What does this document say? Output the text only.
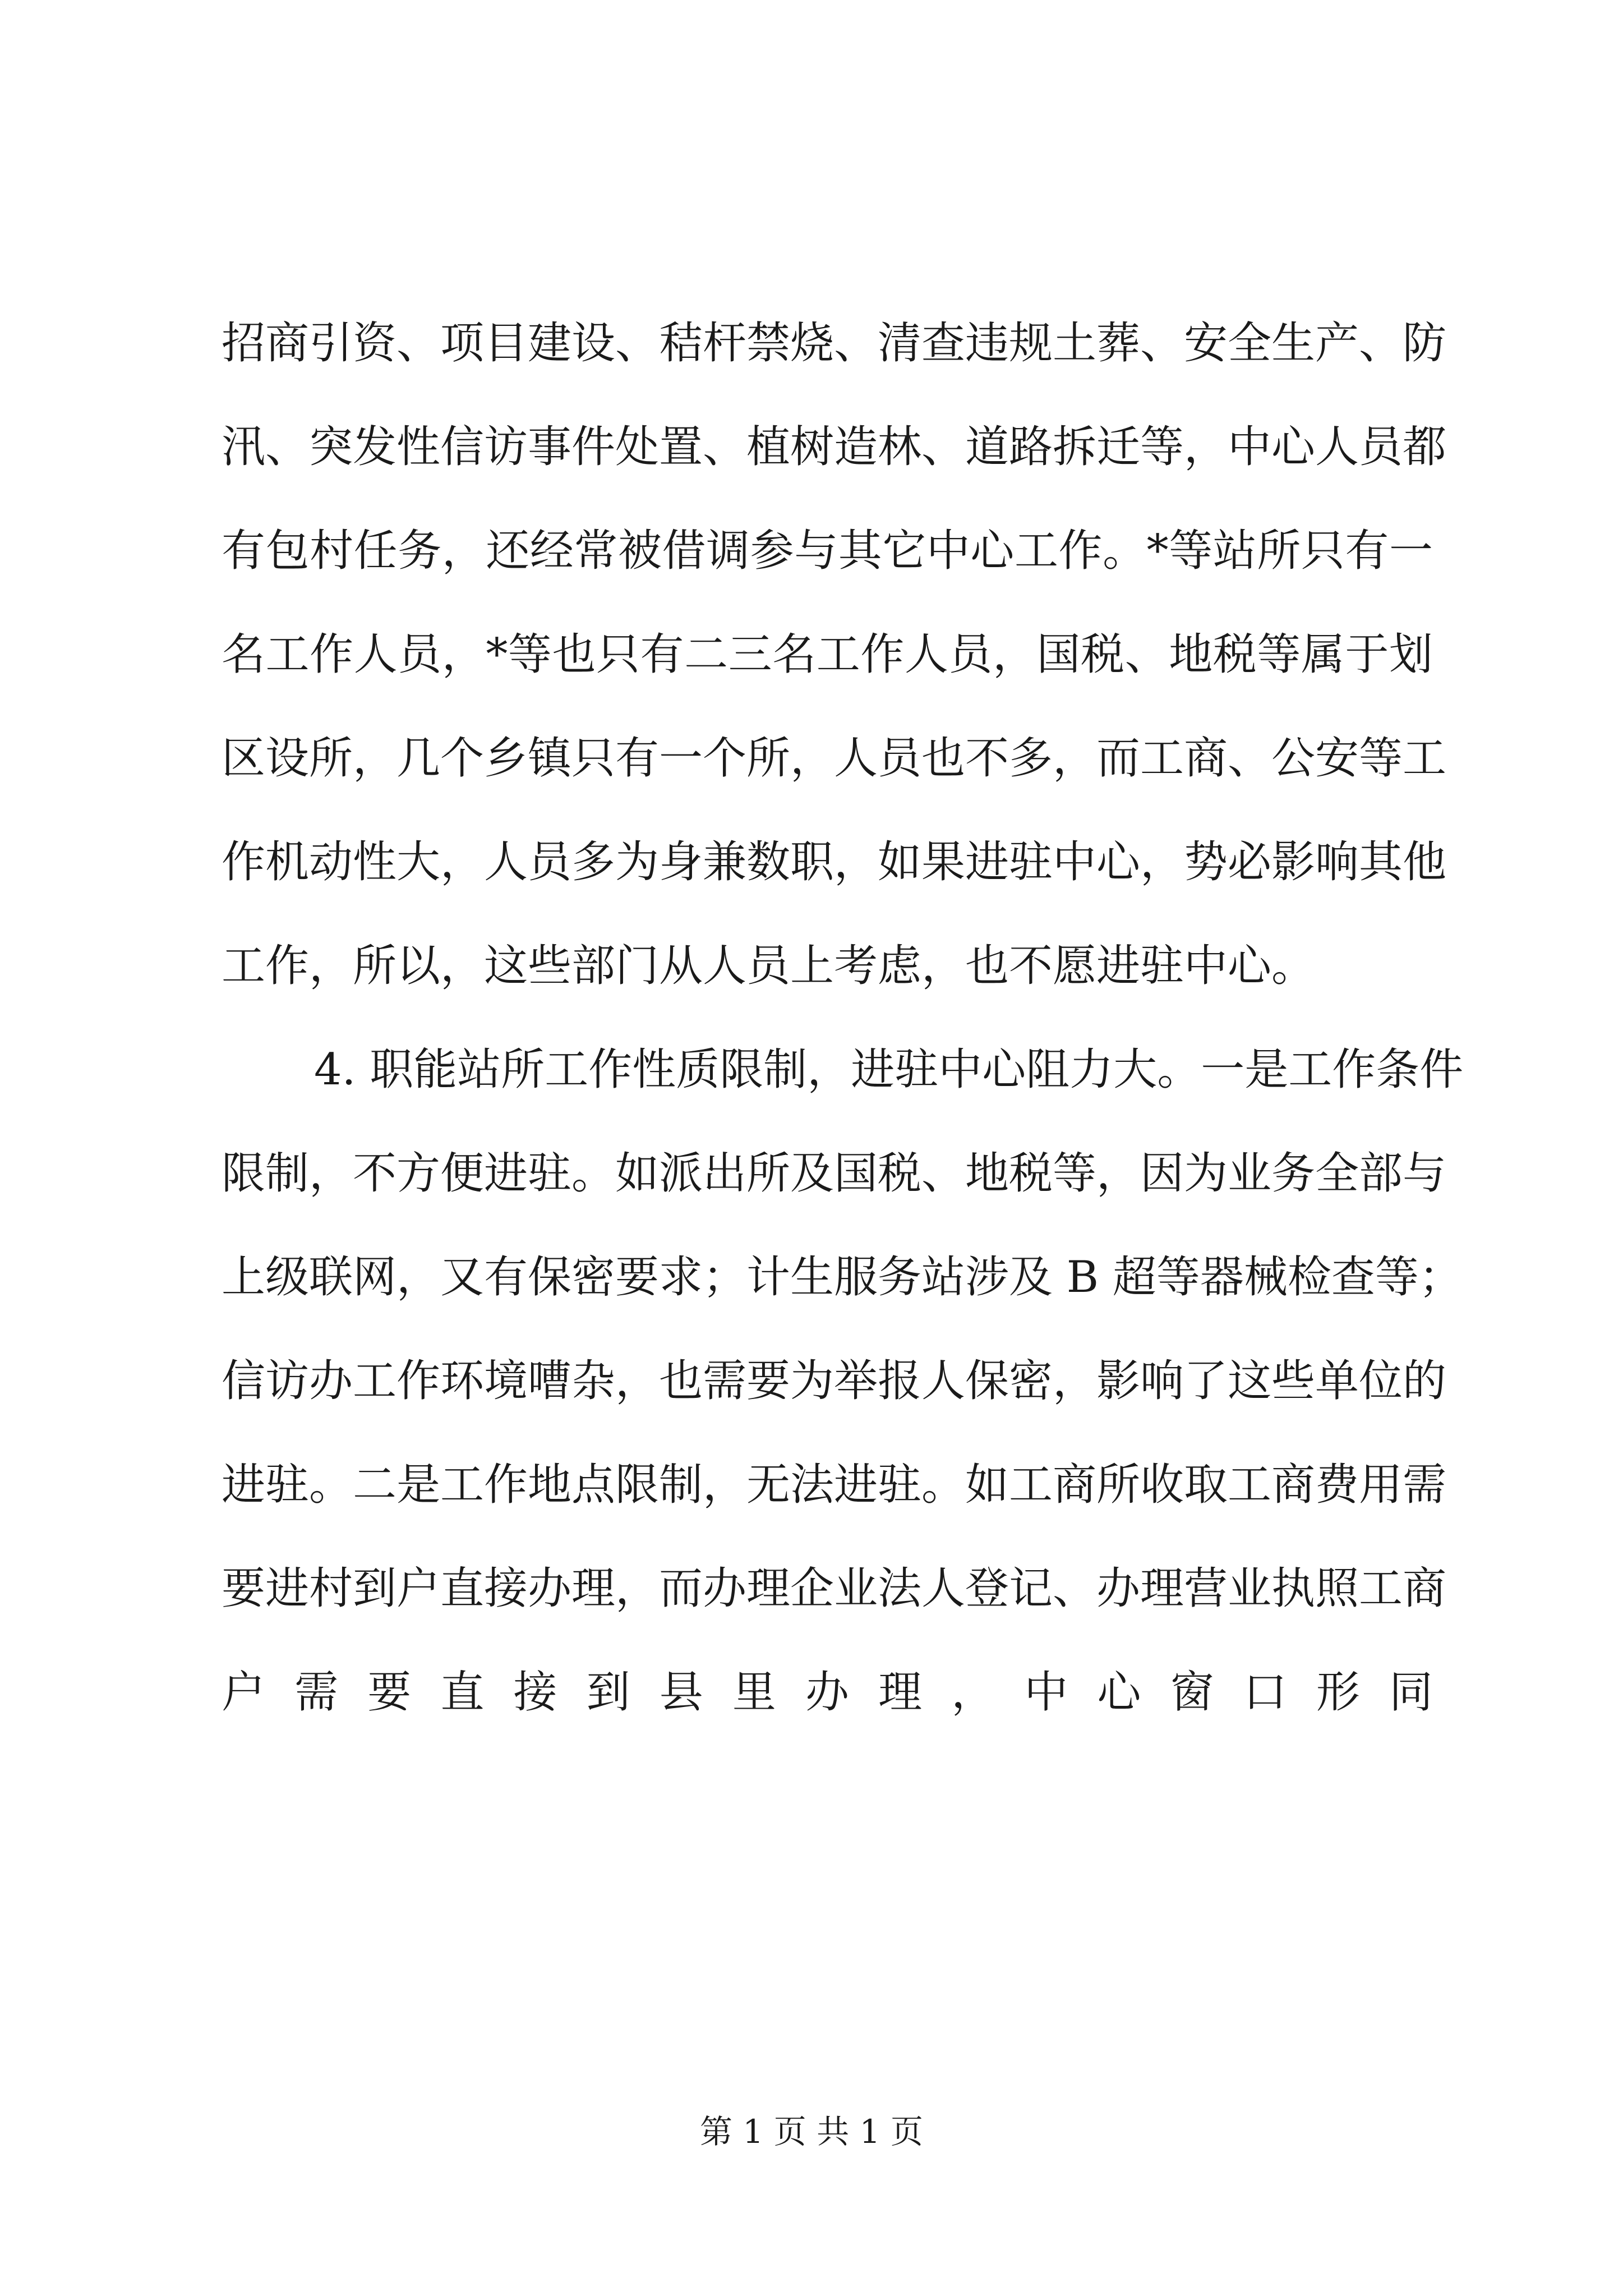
招商引资、项目建设、秸杆禁烧、清查违规土葬、安全生产、防
汛、突发性信访事件处置、植树造林、道路拆迁等，中心人员都
有包村任务，还经常被借调参与其它中心工作。*等站所只有一
名工作人员，*等也只有二三名工作人员，国税、地税等属于划
区设所，几个乡镇只有一个所，人员也不多，而工商、公安等工
作机动性大，人员多为身兼数职，如果进驻中心，势必影响其他
工作，所以，这些部门从人员上考虑，也不愿进驻中心。
4. 职能站所工作性质限制，进驻中心阻力大。一是工作条件
限制，不方便进驻。如派出所及国税、地税等，因为业务全部与
上级联网，又有保密要求；计生服务站涉及 B 超等器械检查等；
信访办工作环境嘈杂，也需要为举报人保密，影响了这些单位的
进驻。二是工作地点限制，无法进驻。如工商所收取工商费用需
要进村到户直接办理，而办理企业法人登记、办理营业执照工商
户需要直接到县里办理，中心窗口形同
第 1 页 共 1 页
